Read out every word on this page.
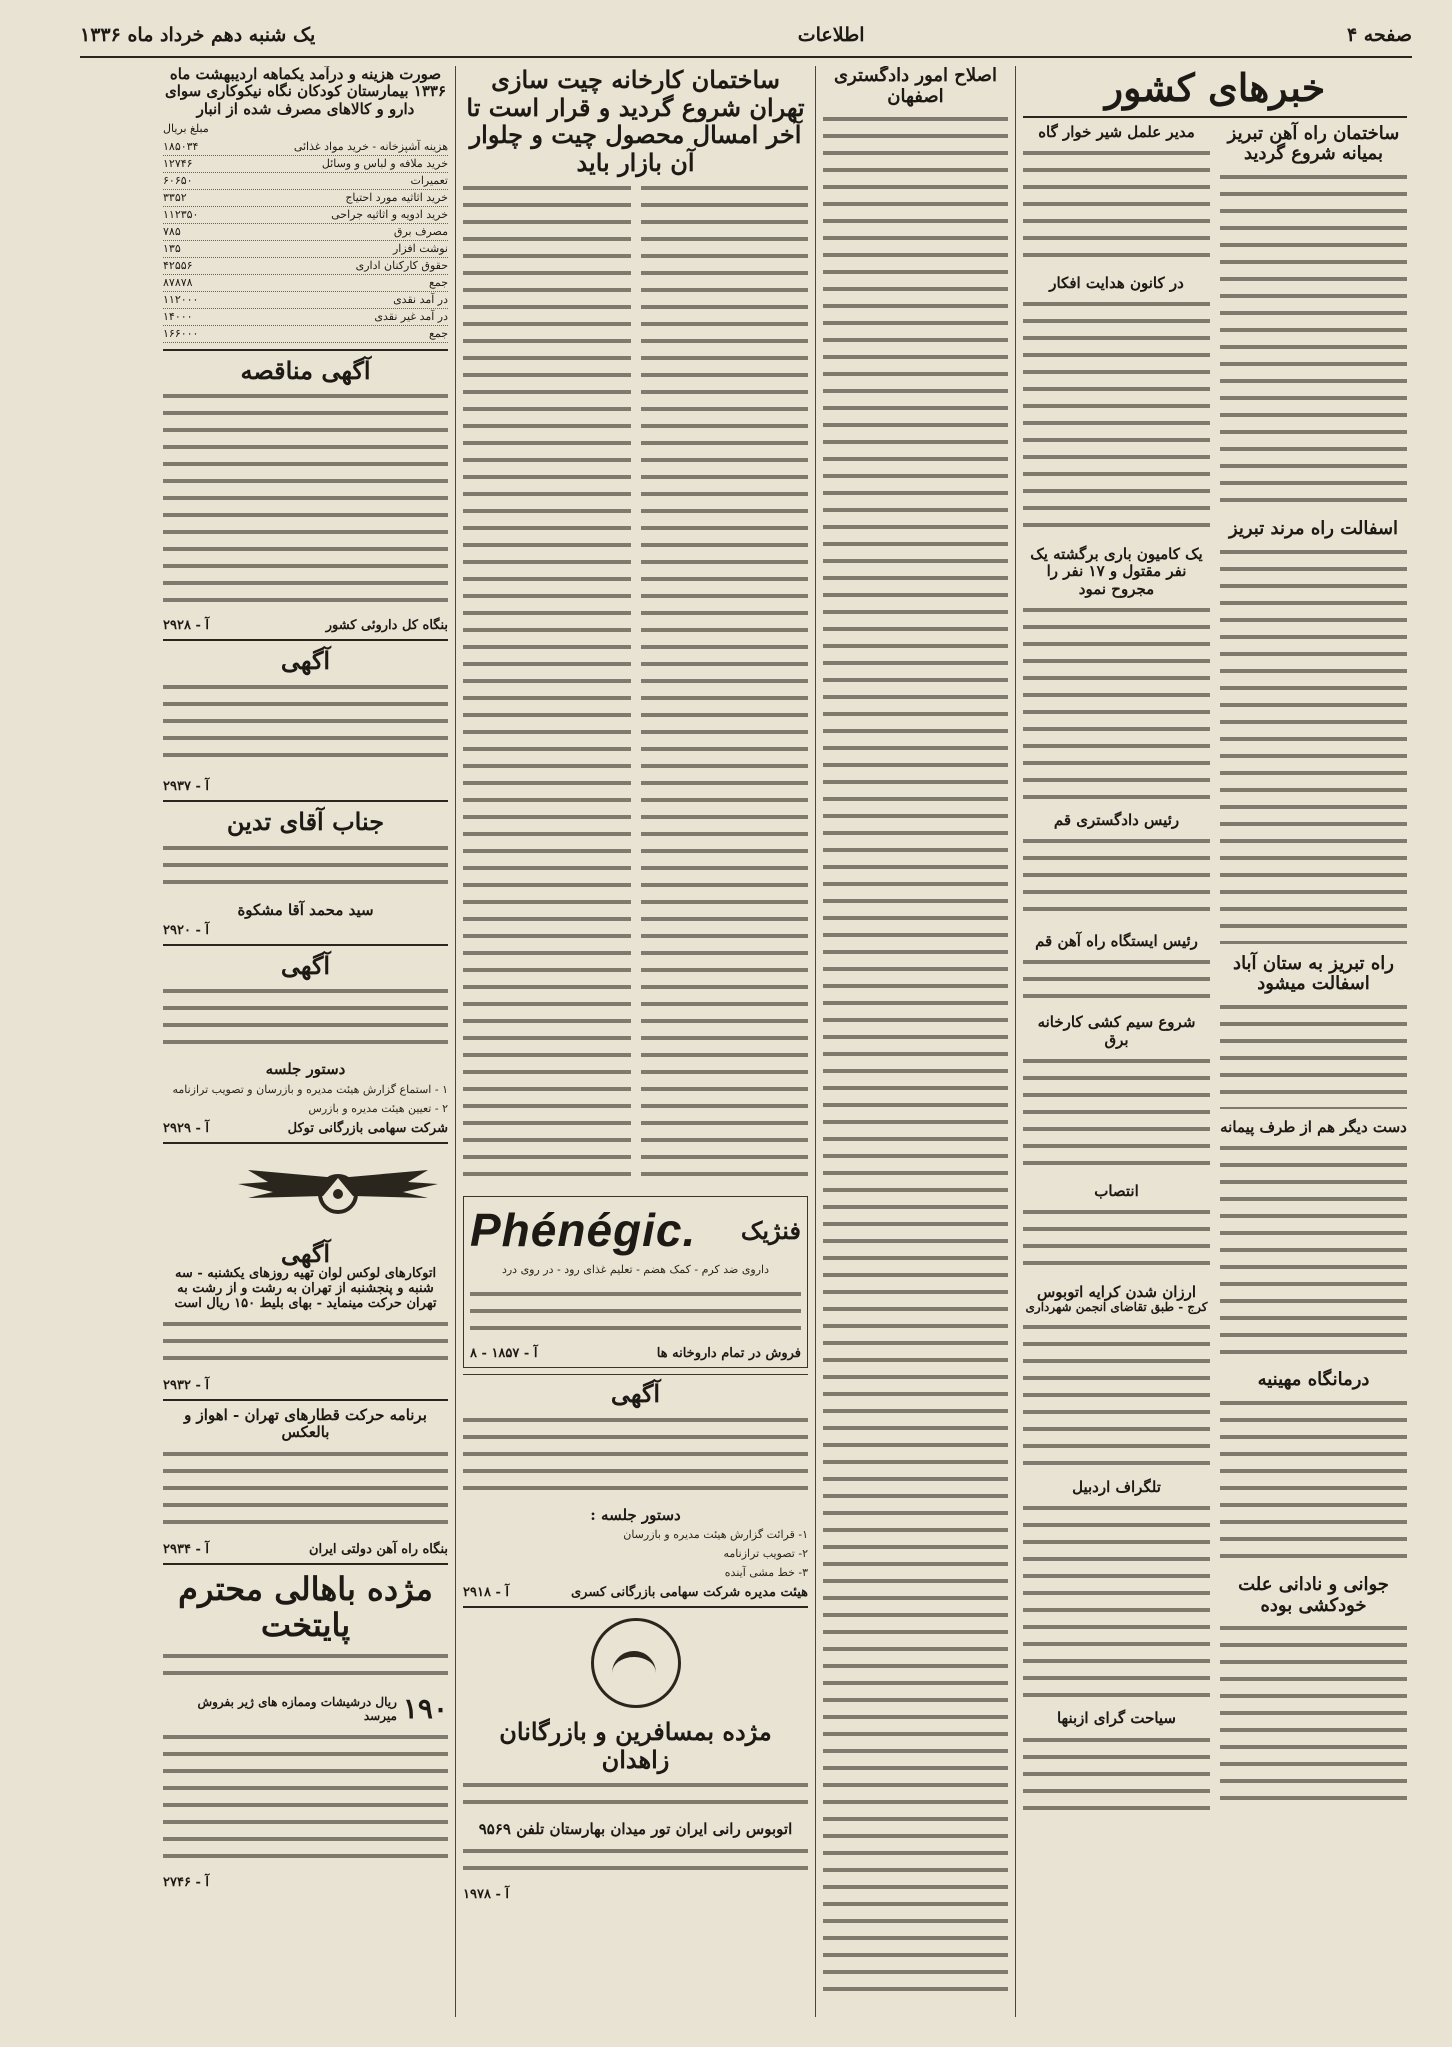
صفحه ۴
اطلاعات
یک شنبه دهم خرداد ماه ۱۳۳۶
خبرهای کشور
ساختمان راه آهن تبریز بمیانه شروع گردید
اسفالت راه مرند تبریز
راه تبریز به ستان آباد اسفالت میشود
دست دیگر هم از طرف پیمانه
درمانگاه مهینیه
جوانی و نادانی علت خودکشی بوده
مدیر علمل شیر خوار گاه
در کانون هدایت افکار
یک کامیون باری برگشته یک نفر مقتول و ۱۷ نفر را مجروح نمود
رئیس دادگستری قم
رئیس ایستگاه راه آهن قم
شروع سیم کشی کارخانه برق
انتصاب
ارزان شدن کرایه اتوبوس
کرج - طبق تقاضای انجمن شهرداری
تلگراف اردبیل
سیاحت گرای ازبنها
اصلاح امور دادگستری اصفهان
ساختمان کارخانه چیت سازی تهران شروع گردید و قرار است تا آخر امسال محصول چیت و چلوار آن بازار باید
فنژیک
Phénégic.
داروی ضد کرم - کمک هضم - تعلیم غذای رود - در روی درد
فروش در تمام داروخانه ها
آ - ۱۸۵۷ - ۸
آگهی
دستور جلسه :
۱- قرائت گزارش هیئت مدیره و بازرسان
۲- تصویب ترازنامه
۳- خط مشی آینده
هیئت مدیره شرکت سهامی بازرگانی کسری
آ - ۲۹۱۸
مژده بمسافرین و بازرگانان زاهدان
اتوبوس رانی ایران تور میدان بهارستان تلفن ۹۵۶۹
آ - ۱۹۷۸
صورت هزینه و درآمد یکماهه اردیبهشت ماه ۱۳۳۶ بیمارستان کودکان نگاه نیکوکاری سوای دارو و کالاهای مصرف شده از انبار
مبلغ بریال
هزینه آشپزخانه - خرید مواد غذائی
۱۸۵۰۳۴
خرید ملافه و لباس و وسائل
۱۲۷۴۶
تعمیرات
۶۰۶۵۰
خرید اثاثیه مورد احتیاج
۳۳۵۲
خرید ادویه و اثاثیه جراحی
۱۱۲۳۵۰
مصرف برق
۷۸۵
نوشت افزار
۱۳۵
حقوق کارکنان اداری
۴۲۵۵۶
جمع
۸۷۸۷۸
در آمد نقدی
۱۱۲۰۰۰
در آمد غیر نقدی
۱۴۰۰۰
جمع
۱۶۶۰۰۰
آگهی مناقصه
بنگاه کل داروئی کشور
آ - ۲۹۲۸
آگهی
آ - ۲۹۳۷
جناب آقای تدین
سید محمد آقا مشکوة
آ - ۲۹۲۰
آگهی
دستور جلسه
۱ - استماع گزارش هیئت مدیره و بازرسان و تصویب ترازنامه
۲ - تعیین هیئت مدیره و بازرس
شرکت سهامی بازرگانی توکل
آ - ۲۹۲۹
آگهی
اتوکارهای لوکس لوان تهیه روزهای یکشنبه - سه شنبه و پنجشنبه از تهران به رشت و از رشت به تهران حرکت مینماید - بهای بلیط ۱۵۰ ریال است
آ - ۲۹۳۲
برنامه حرکت قطارهای تهران - اهواز و بالعکس
بنگاه راه آهن دولتی ایران
آ - ۲۹۳۴
مژده باهالی محترم پایتخت
۱۹۰
ریال درشیشات وممازه های ژیر بفروش میرسد
آ - ۲۷۴۶
